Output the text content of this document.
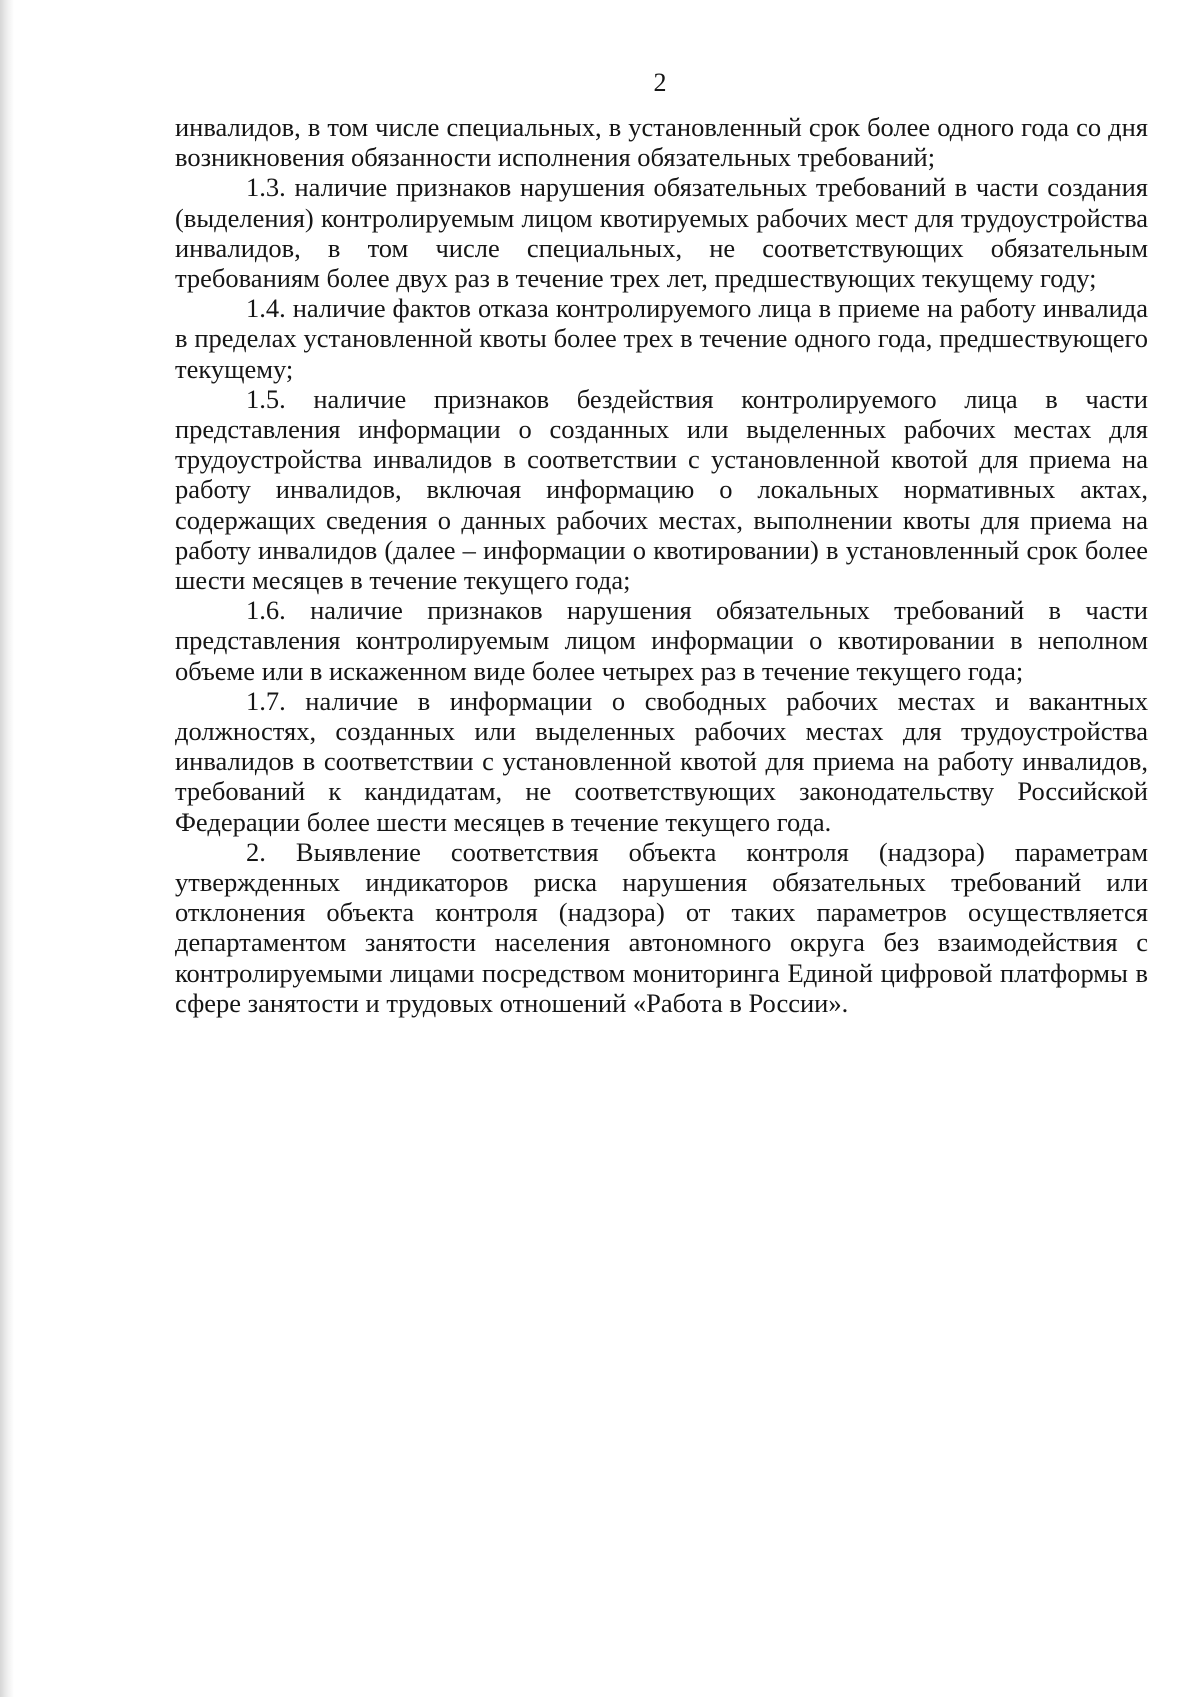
2

инвалидов, в том числе специальных, в установленный срок более одного года со дня возникновения обязанности исполнения обязательных требований;

1.3. наличие признаков нарушения обязательных требований в части создания (выделения) контролируемым лицом квотируемых рабочих мест для трудоустройства инвалидов, в том числе специальных, не соответствующих обязательным требованиям более двух раз в течение трех лет, предшествующих текущему году;

1.4. наличие фактов отказа контролируемого лица в приеме на работу инвалида в пределах установленной квоты более трех в течение одного года, предшествующего текущему;

1.5. наличие признаков бездействия контролируемого лица в части представления информации о созданных или выделенных рабочих местах для трудоустройства инвалидов в соответствии с установленной квотой для приема на работу инвалидов, включая информацию о локальных нормативных актах, содержащих сведения о данных рабочих местах, выполнении квоты для приема на работу инвалидов (далее – информации о квотировании) в установленный срок более шести месяцев в течение текущего года;

1.6. наличие признаков нарушения обязательных требований в части представления контролируемым лицом информации о квотировании в неполном объеме или в искаженном виде более четырех раз в течение текущего года;

1.7. наличие в информации о свободных рабочих местах и вакантных должностях, созданных или выделенных рабочих местах для трудоустройства инвалидов в соответствии с установленной квотой для приема на работу инвалидов, требований к кандидатам, не соответствующих законодательству Российской Федерации более шести месяцев в течение текущего года.

2. Выявление соответствия объекта контроля (надзора) параметрам утвержденных индикаторов риска нарушения обязательных требований или отклонения объекта контроля (надзора) от таких параметров осуществляется департаментом занятости населения автономного округа без взаимодействия с контролируемыми лицами посредством мониторинга Единой цифровой платформы в сфере занятости и трудовых отношений «Работа в России».
